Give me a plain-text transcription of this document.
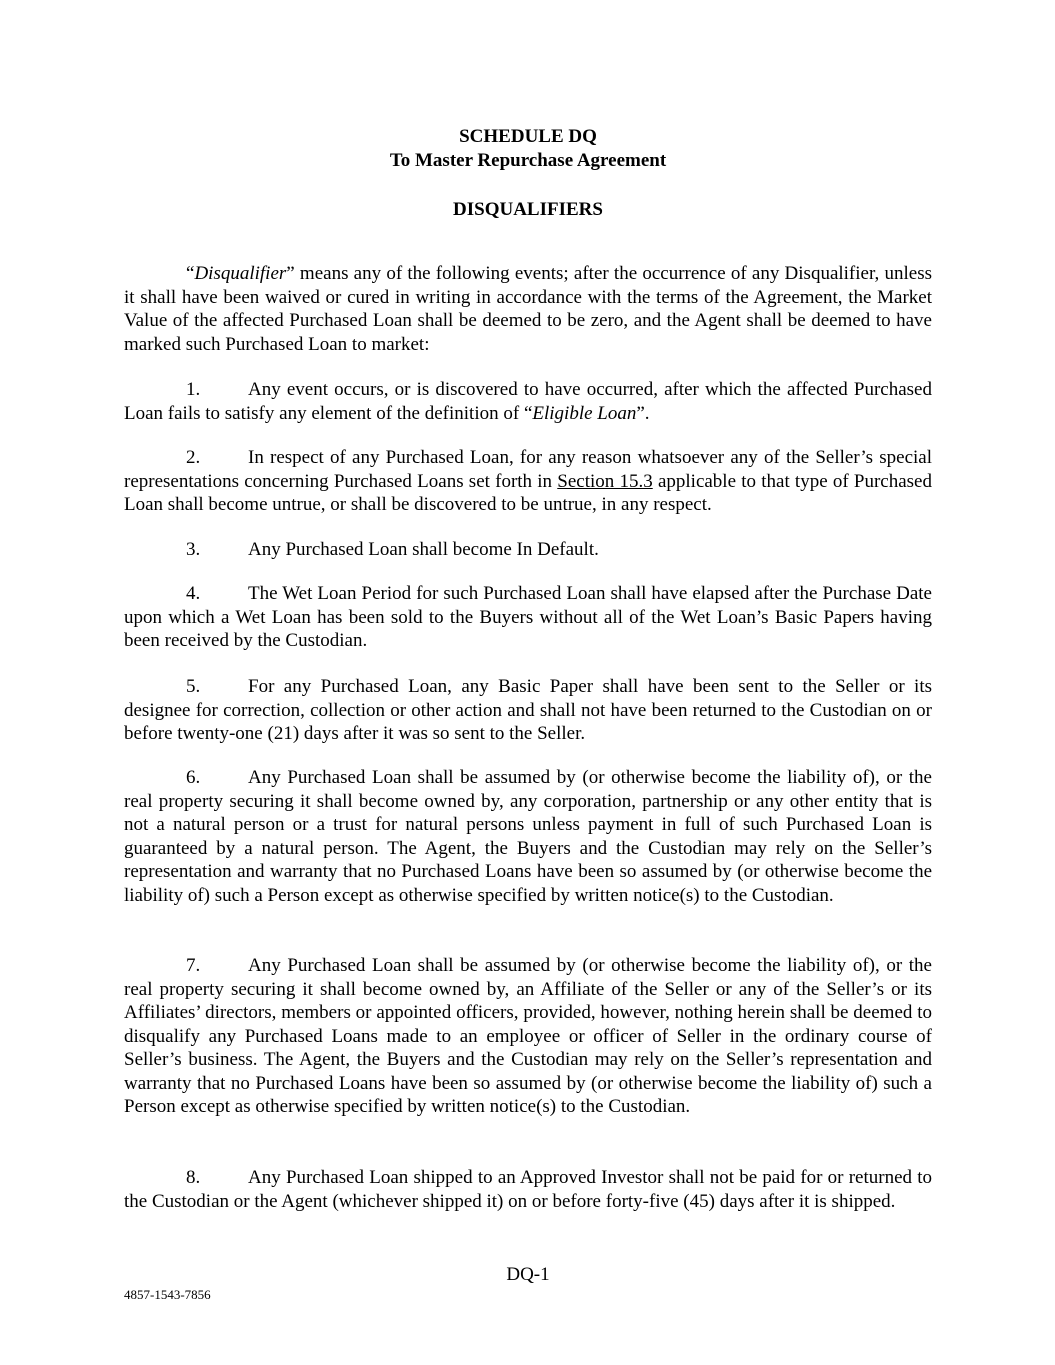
SCHEDULE DQ

To Master Repurchase Agreement

DISQUALIFIERS

“Disqualifier” means any of the following events; after the occurrence of any Disqualifier, unless it shall have been waived or cured in writing in accordance with the terms of the Agreement, the Market Value of the affected Purchased Loan shall be deemed to be zero, and the Agent shall be deemed to have marked such Purchased Loan to market:

1.	Any event occurs, or is discovered to have occurred, after which the affected Purchased Loan fails to satisfy any element of the definition of “Eligible Loan”.

2.	In respect of any Purchased Loan, for any reason whatsoever any of the Seller’s special representations concerning Purchased Loans set forth in Section 15.3 applicable to that type of Purchased Loan shall become untrue, or shall be discovered to be untrue, in any respect.

3.	Any Purchased Loan shall become In Default.

4.	The Wet Loan Period for such Purchased Loan shall have elapsed after the Purchase Date upon which a Wet Loan has been sold to the Buyers without all of the Wet Loan’s Basic Papers having been received by the Custodian.

5.	For any Purchased Loan, any Basic Paper shall have been sent to the Seller or its designee for correction, collection or other action and shall not have been returned to the Custodian on or before twenty-one (21) days after it was so sent to the Seller.

6.	Any Purchased Loan shall be assumed by (or otherwise become the liability of), or the real property securing it shall become owned by, any corporation, partnership or any other entity that is not a natural person or a trust for natural persons unless payment in full of such Purchased Loan is guaranteed by a natural person. The Agent, the Buyers and the Custodian may rely on the Seller’s representation and warranty that no Purchased Loans have been so assumed by (or otherwise become the liability of) such a Person except as otherwise specified by written notice(s) to the Custodian.

7.	Any Purchased Loan shall be assumed by (or otherwise become the liability of), or the real property securing it shall become owned by, an Affiliate of the Seller or any of the Seller’s or its Affiliates’ directors, members or appointed officers, provided, however, nothing herein shall be deemed to disqualify any Purchased Loans made to an employee or officer of Seller in the ordinary course of Seller’s business. The Agent, the Buyers and the Custodian may rely on the Seller’s representation and warranty that no Purchased Loans have been so assumed by (or otherwise become the liability of) such a Person except as otherwise specified by written notice(s) to the Custodian.

8.	Any Purchased Loan shipped to an Approved Investor shall not be paid for or returned to the Custodian or the Agent (whichever shipped it) on or before forty-five (45) days after it is shipped.

DQ-1
4857-1543-7856
